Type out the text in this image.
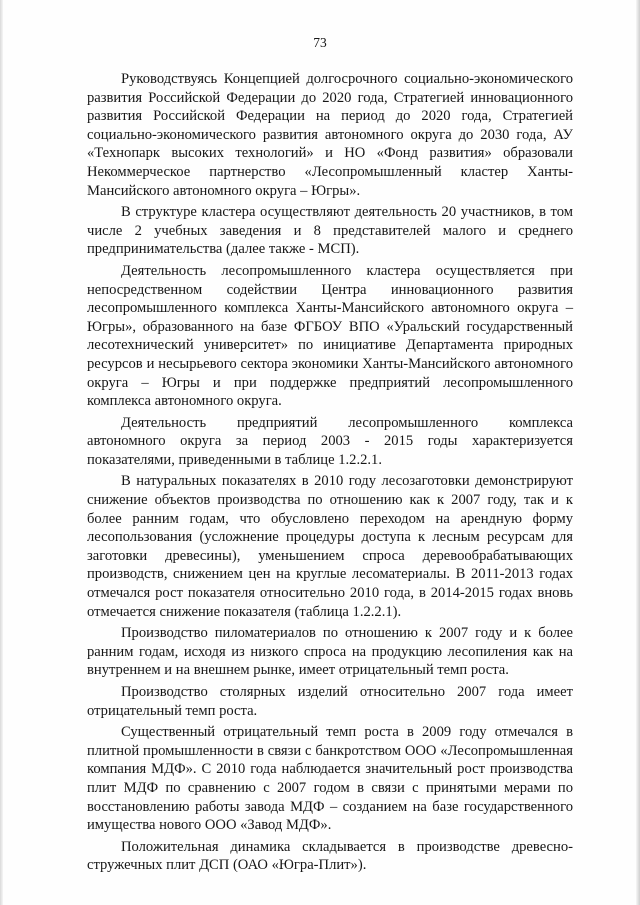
73

Руководствуясь Концепцией долгосрочного социально-экономического развития Российской Федерации до 2020 года, Стратегией инновационного развития Российской Федерации на период до 2020 года, Стратегией социально-экономического развития автономного округа до 2030 года, АУ «Технопарк высоких технологий» и НО «Фонд развития» образовали Некоммерческое партнерство «Лесопромышленный кластер Ханты-Мансийского автономного округа – Югры».

В структуре кластера осуществляют деятельность 20 участников, в том числе 2 учебных заведения и 8 представителей малого и среднего предпринимательства (далее также - МСП).

Деятельность лесопромышленного кластера осуществляется при непосредственном содействии Центра инновационного развития лесопромышленного комплекса Ханты-Мансийского автономного округа – Югры», образованного на базе ФГБОУ ВПО «Уральский государственный лесотехнический университет» по инициативе Департамента природных ресурсов и несырьевого сектора экономики Ханты-Мансийского автономного округа – Югры и при поддержке предприятий лесопромышленного комплекса автономного округа.

Деятельность предприятий лесопромышленного комплекса автономного округа за период 2003 - 2015 годы характеризуется показателями, приведенными в таблице 1.2.2.1.

В натуральных показателях в 2010 году лесозаготовки демонстрируют снижение объектов производства по отношению как к 2007 году, так и к более ранним годам, что обусловлено переходом на арендную форму лесопользования (усложнение процедуры доступа к лесным ресурсам для заготовки древесины), уменьшением спроса деревообрабатывающих производств, снижением цен на круглые лесоматериалы. В 2011-2013 годах отмечался рост показателя относительно 2010 года, в 2014-2015 годах вновь отмечается снижение показателя (таблица 1.2.2.1).

Производство пиломатериалов по отношению к 2007 году и к более ранним годам, исходя из низкого спроса на продукцию лесопиления как на внутреннем и на внешнем рынке, имеет отрицательный темп роста.

Производство столярных изделий относительно 2007 года имеет отрицательный темп роста.

Существенный отрицательный темп роста в 2009 году отмечался в плитной промышленности в связи с банкротством ООО «Лесопромышленная компания МДФ». С 2010 года наблюдается значительный рост производства плит МДФ по сравнению с 2007 годом в связи с принятыми мерами по восстановлению работы завода МДФ – созданием на базе государственного имущества нового ООО «Завод МДФ».

Положительная динамика складывается в производстве древесно-стружечных плит ДСП (ОАО «Югра-Плит»).
